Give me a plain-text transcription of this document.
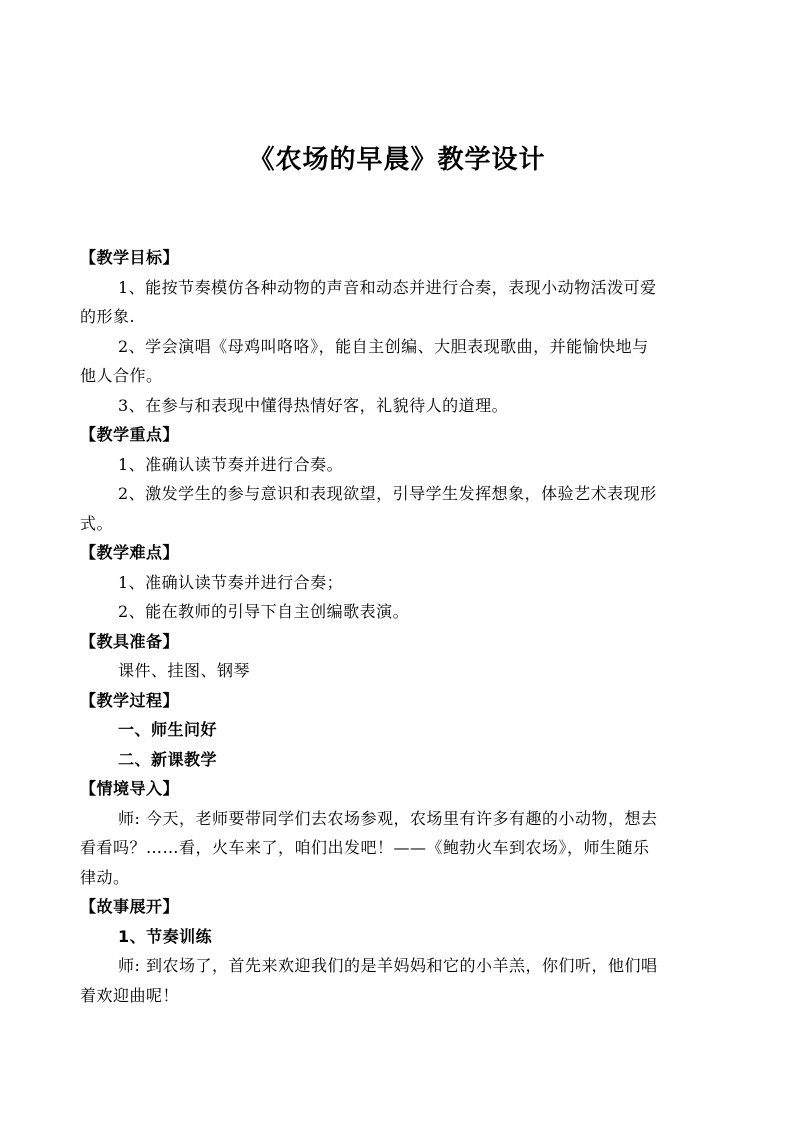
《农场的早晨》教学设计
【教学目标】
1、能按节奏模仿各种动物的声音和动态并进行合奏，表现小动物活泼可爱
的形象.
2、学会演唱《母鸡叫咯咯》，能自主创编、大胆表现歌曲，并能愉快地与
他人合作。
3、在参与和表现中懂得热情好客，礼貌待人的道理。
【教学重点】
1、准确认读节奏并进行合奏。
2、激发学生的参与意识和表现欲望，引导学生发挥想象，体验艺术表现形
式。
【教学难点】
1、准确认读节奏并进行合奏；
2、能在教师的引导下自主创编歌表演。
【教具准备】
课件、挂图、钢琴
【教学过程】
一、师生问好
二、新课教学
【情境导入】
师: 今天，老师要带同学们去农场参观，农场里有许多有趣的小动物，想去
看看吗？……看，火车来了，咱们出发吧！——《鲍勃火车到农场》，师生随乐
律动。
【故事展开】
1、节奏训练
师: 到农场了，首先来欢迎我们的是羊妈妈和它的小羊羔，你们听，他们唱
着欢迎曲呢！
